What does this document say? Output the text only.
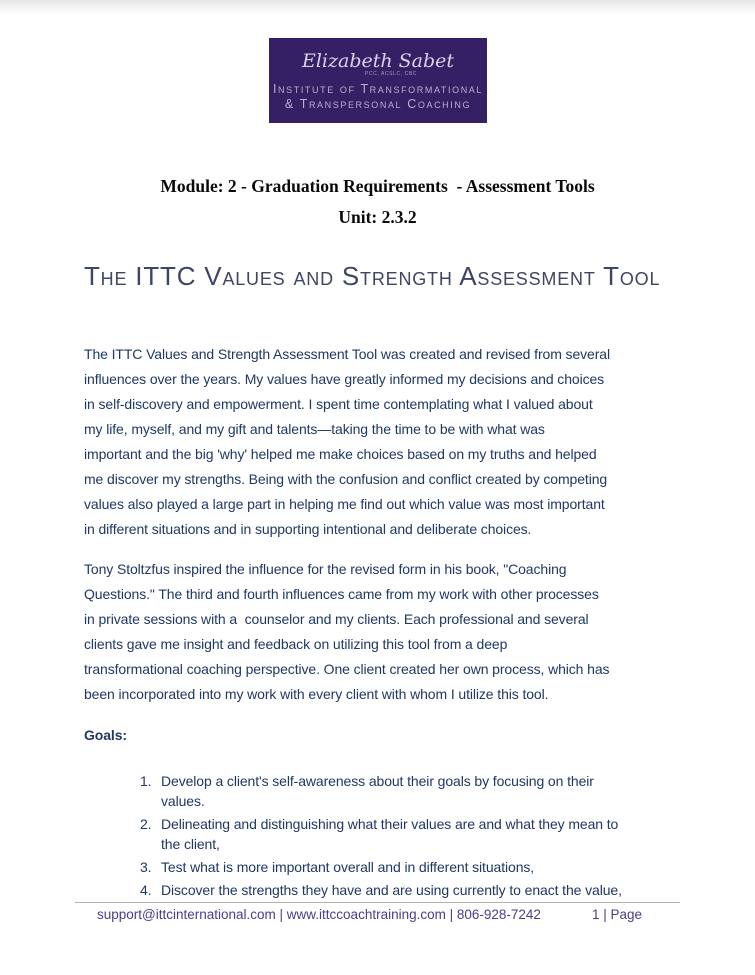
Elizabeth Sabet
PCC, ACSLC, CBC
Institute of Transformational
& Transpersonal Coaching
Module: 2 - Graduation Requirements  - Assessment Tools
Unit: 2.3.2
The ITTC Values and Strength Assessment Tool
The ITTC Values and Strength Assessment Tool was created and revised from several
influences over the years. My values have greatly informed my decisions and choices
in self-discovery and empowerment. I spent time contemplating what I valued about
my life, myself, and my gift and talents—taking the time to be with what was
important and the big 'why' helped me make choices based on my truths and helped
me discover my strengths. Being with the confusion and conflict created by competing
values also played a large part in helping me find out which value was most important
in different situations and in supporting intentional and deliberate choices.
Tony Stoltzfus inspired the influence for the revised form in his book, "Coaching
Questions." The third and fourth influences came from my work with other processes
in private sessions with a  counselor and my clients. Each professional and several
clients gave me insight and feedback on utilizing this tool from a deep
transformational coaching perspective. One client created her own process, which has
been incorporated into my work with every client with whom I utilize this tool.
Goals:
1. Develop a client's self-awareness about their goals by focusing on their
values.
2. Delineating and distinguishing what their values are and what they mean to
the client,
3. Test what is more important overall and in different situations,
4. Discover the strengths they have and are using currently to enact the value,
support@ittcinternational.com | www.ittccoachtraining.com | 806-928-7242	1 | Page
